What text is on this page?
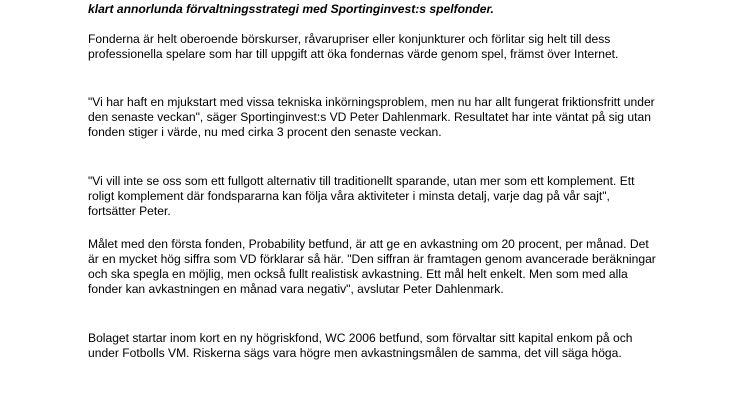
klart annorlunda förvaltningsstrategi med Sportinginvest:s spelfonder.

Fonderna är helt oberoende börskurser, råvarupriser eller konjunkturer och förlitar sig helt till dess professionella spelare som har till uppgift att öka fondernas värde genom spel, främst över Internet.

"Vi har haft en mjukstart med vissa tekniska inkörningsproblem, men nu har allt fungerat friktionsfritt under den senaste veckan", säger Sportinginvest:s VD Peter Dahlenmark. Resultatet har inte väntat på sig utan fonden stiger i värde, nu med cirka 3 procent den senaste veckan.

"Vi vill inte se oss som ett fullgott alternativ till traditionellt sparande, utan mer som ett komplement. Ett roligt komplement där fondspararna kan följa våra aktiviteter i minsta detalj, varje dag på vår sajt", fortsätter Peter.

Målet med den första fonden, Probability betfund, är att ge en avkastning om 20 procent, per månad. Det är en mycket hög siffra som VD förklarar så här. "Den siffran är framtagen genom avancerade beräkningar och ska spegla en möjlig, men också fullt realistisk avkastning. Ett mål helt enkelt. Men som med alla fonder kan avkastningen en månad vara negativ", avslutar Peter Dahlenmark.

Bolaget startar inom kort en ny högriskfond, WC 2006 betfund, som förvaltar sitt kapital enkom på och under Fotbolls VM. Riskerna sägs vara högre men avkastningsmålen de samma, det vill säga höga.
